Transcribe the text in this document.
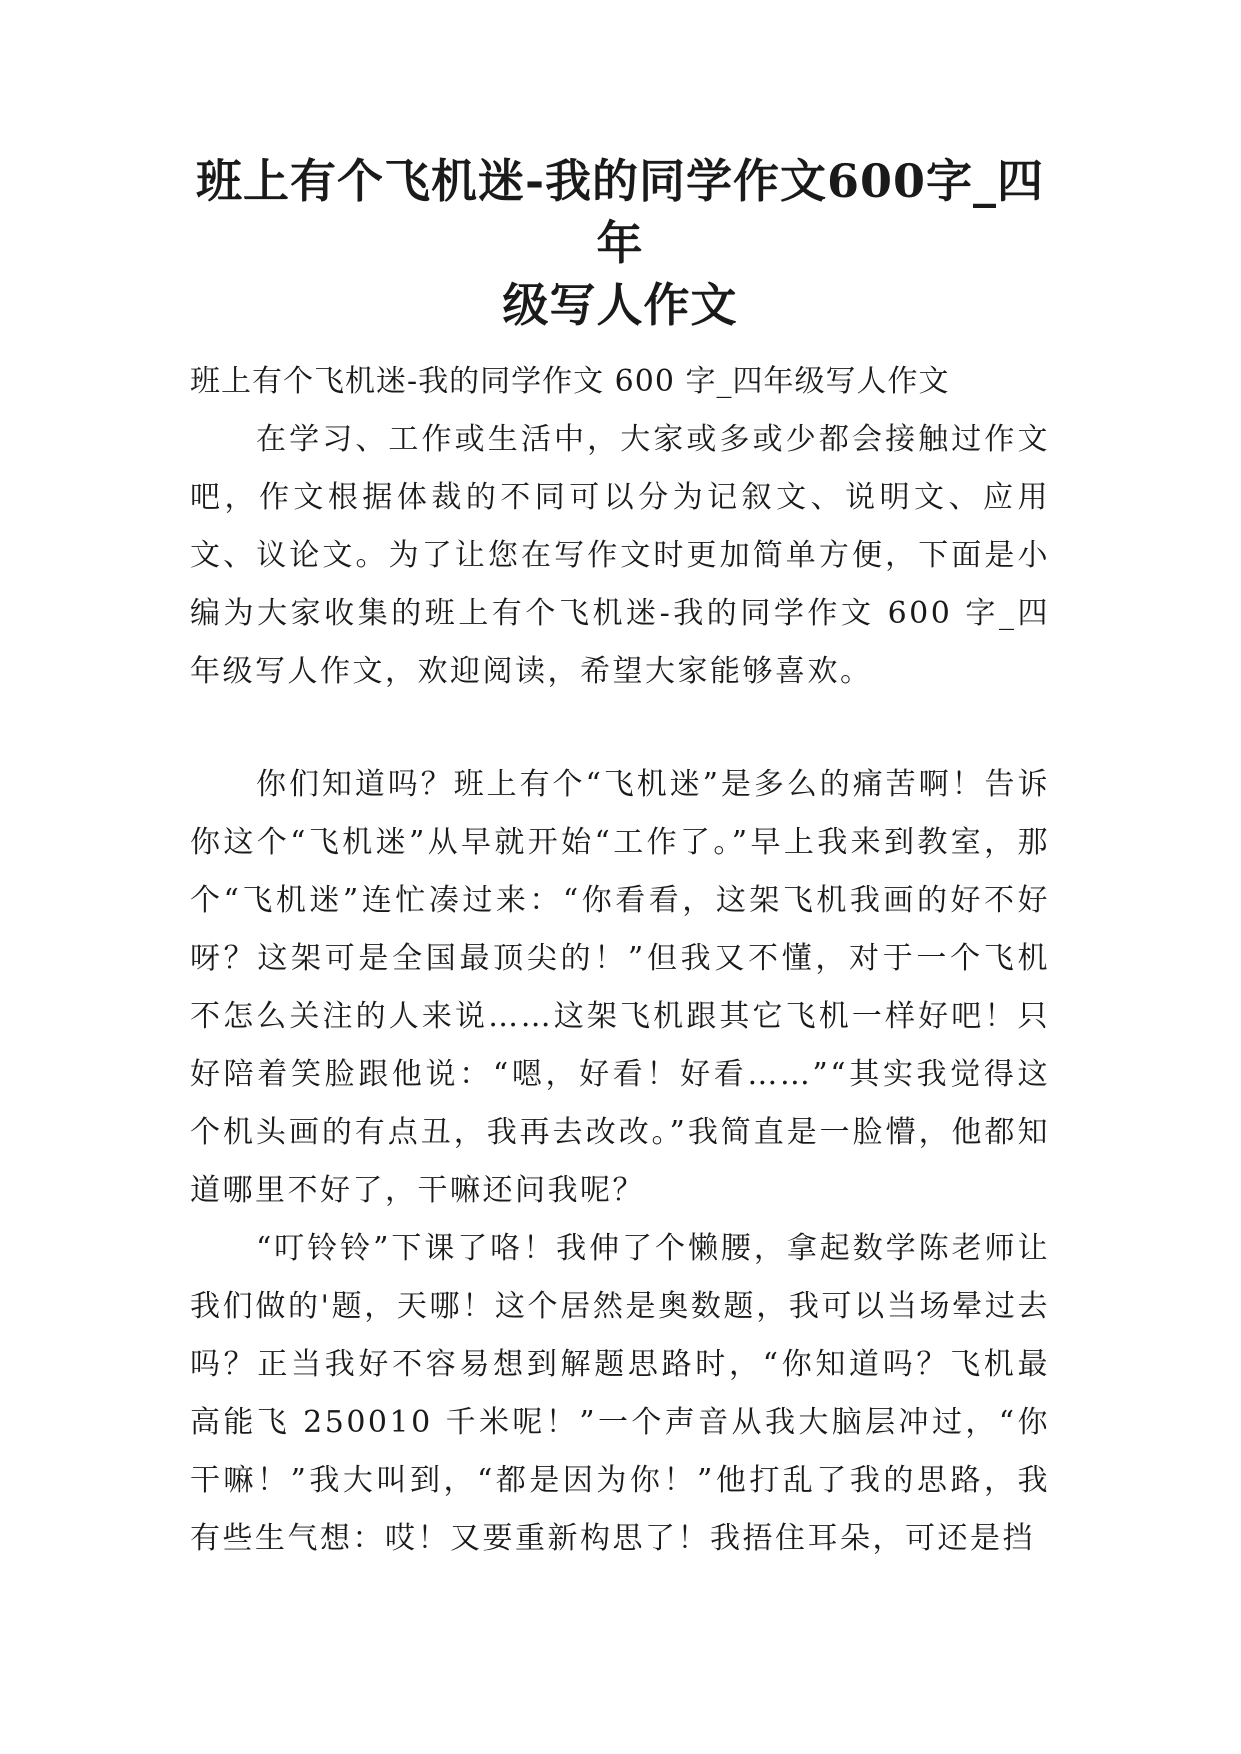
班上有个飞机迷-我的同学作文600字_四年
级写人作文

班上有个飞机迷-我的同学作文 600 字_四年级写人作文

在学习、工作或生活中，大家或多或少都会接触过作文吧，作文根据体裁的不同可以分为记叙文、说明文、应用文、议论文。为了让您在写作文时更加简单方便，下面是小编为大家收集的班上有个飞机迷-我的同学作文 600 字_四年级写人作文，欢迎阅读，希望大家能够喜欢。

你们知道吗？班上有个“飞机迷”是多么的痛苦啊！告诉你这个“飞机迷”从早就开始“工作了。”早上我来到教室，那个“飞机迷”连忙凑过来：“你看看，这架飞机我画的好不好呀？这架可是全国最顶尖的！”但我又不懂，对于一个飞机不怎么关注的人来说……这架飞机跟其它飞机一样好吧！只好陪着笑脸跟他说：“嗯，好看！好看……”“其实我觉得这个机头画的有点丑，我再去改改。”我简直是一脸懵，他都知道哪里不好了，干嘛还问我呢？

“叮铃铃”下课了咯！我伸了个懒腰，拿起数学陈老师让我们做的'题，天哪！这个居然是奥数题，我可以当场晕过去吗？正当我好不容易想到解题思路时，“你知道吗？飞机最高能飞 250010 千米呢！”一个声音从我大脑层冲过，“你干嘛！”我大叫到，“都是因为你！”他打乱了我的思路，我有些生气想：哎！又要重新构思了！我捂住耳朵，可还是挡
